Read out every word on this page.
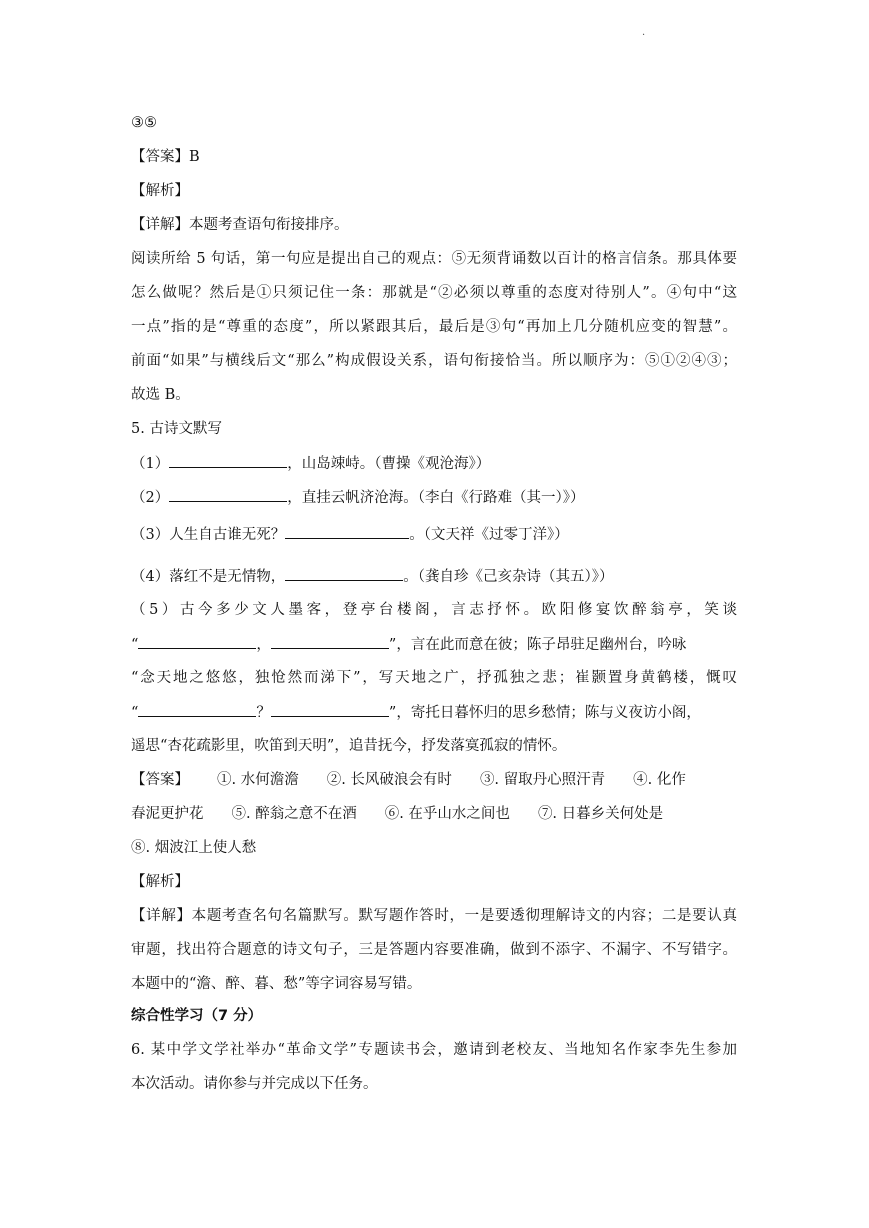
·
③⑤
【答案】B
【解析】
【详解】本题考查语句衔接排序。
阅读所给 5 句话，第一句应是提出自己的观点：⑤无须背诵数以百计的格言信条。那具体要
怎么做呢？然后是①只须记住一条：那就是“②必须以尊重的态度对待别人”。④句中“这
一点”指的是“尊重的态度”，所以紧跟其后，最后是③句“再加上几分随机应变的智慧”。
前面“如果”与横线后文“那么”构成假设关系，语句衔接恰当。所以顺序为：⑤①②④③；
故选 B。
5. 古诗文默写
（1）	，山岛竦峙。（曹操《观沧海》）
（2）	，直挂云帆济沧海。（李白《行路难（其一）》）
（3）人生自古谁无死？	。（文天祥《过零丁洋》）
（4）落红不是无情物，	。（龚自珍《己亥杂诗（其五）》）
（5）古今多少文人墨客，登亭台楼阁，言志抒怀。欧阳修宴饮醉翁亭，笑谈
“	，	”，言在此而意在彼；陈子昂驻足幽州台，吟咏
“念天地之悠悠，独怆然而涕下”，写天地之广，抒孤独之悲；崔颢置身黄鹤楼，慨叹
“	？	”，寄托日暮怀归的思乡愁情；陈与义夜访小阁，
遥思“杏花疏影里，吹笛到天明”，追昔抚今，抒发落寞孤寂的情怀。
【答案】 ①. 水何澹澹 ②. 长风破浪会有时 ③. 留取丹心照汗青 ④. 化作
春泥更护花 ⑤. 醉翁之意不在酒 ⑥. 在乎山水之间也 ⑦. 日暮乡关何处是
⑧. 烟波江上使人愁
【解析】
【详解】本题考查名句名篇默写。默写题作答时，一是要透彻理解诗文的内容；二是要认真
审题，找出符合题意的诗文句子，三是答题内容要准确，做到不添字、不漏字、不写错字。
本题中的“澹、醉、暮、愁”等字词容易写错。
综合性学习（7 分）
6. 某中学文学社举办“革命文学”专题读书会，邀请到老校友、当地知名作家李先生参加
本次活动。请你参与并完成以下任务。
